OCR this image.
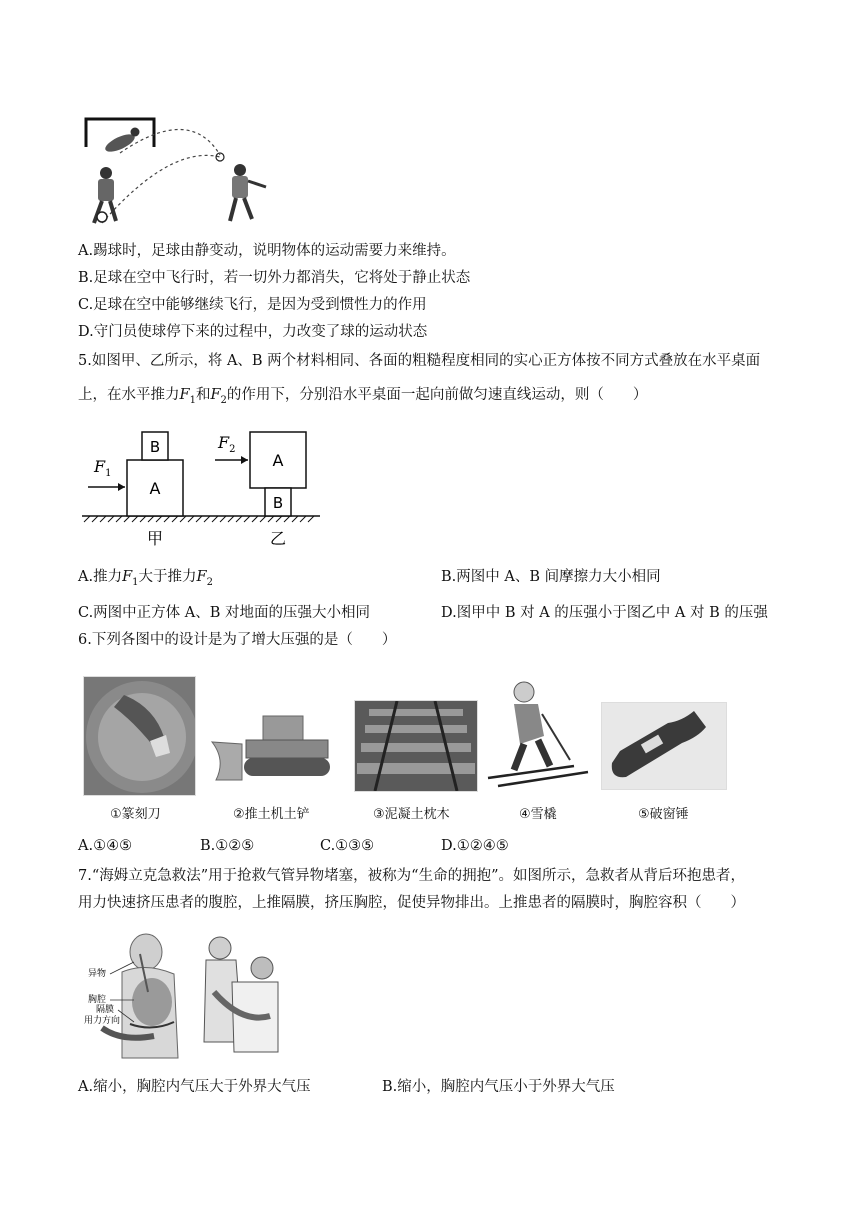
A.踢球时，足球由静变动，说明物体的运动需要力来维持。
B.足球在空中飞行时，若一切外力都消失，它将处于静止状态
C.足球在空中能够继续飞行，是因为受到惯性力的作用
D.守门员使球停下来的过程中，力改变了球的运动状态
5.如图甲、乙所示，将 A、B 两个材料相同、各面的粗糙程度相同的实心正方体按不同方式叠放在水平桌面
上，在水平推力$F_1$和$F_2$的作用下，分别沿水平桌面一起向前做匀速直线运动，则（　　）
A
B
$F_1$
甲
A
B
$F_2$
乙
A.推力$F_1$大于推力$F_2$	B.两图中 A、B 间摩擦力大小相同
C.两图中正方体 A、B 对地面的压强大小相同	D.图甲中 B 对 A 的压强小于图乙中 A 对 B 的压强
6.下列各图中的设计是为了增大压强的是（　　）
①篆刻刀	②推土机土铲	③泥凝土枕木	④雪橇	⑤破窗锤
A.①④⑤	B.①②⑤	C.①③⑤	D.①②④⑤
7.“海姆立克急救法”用于抢救气管异物堵塞，被称为“生命的拥抱”。如图所示，急救者从背后环抱患者，
用力快速挤压患者的腹腔，上推隔膜，挤压胸腔，促使异物排出。上推患者的隔膜时，胸腔容积（　　）
异物
胸腔
隔膜
用力方向
A.缩小，胸腔内气压大于外界大气压	B.缩小，胸腔内气压小于外界大气压
